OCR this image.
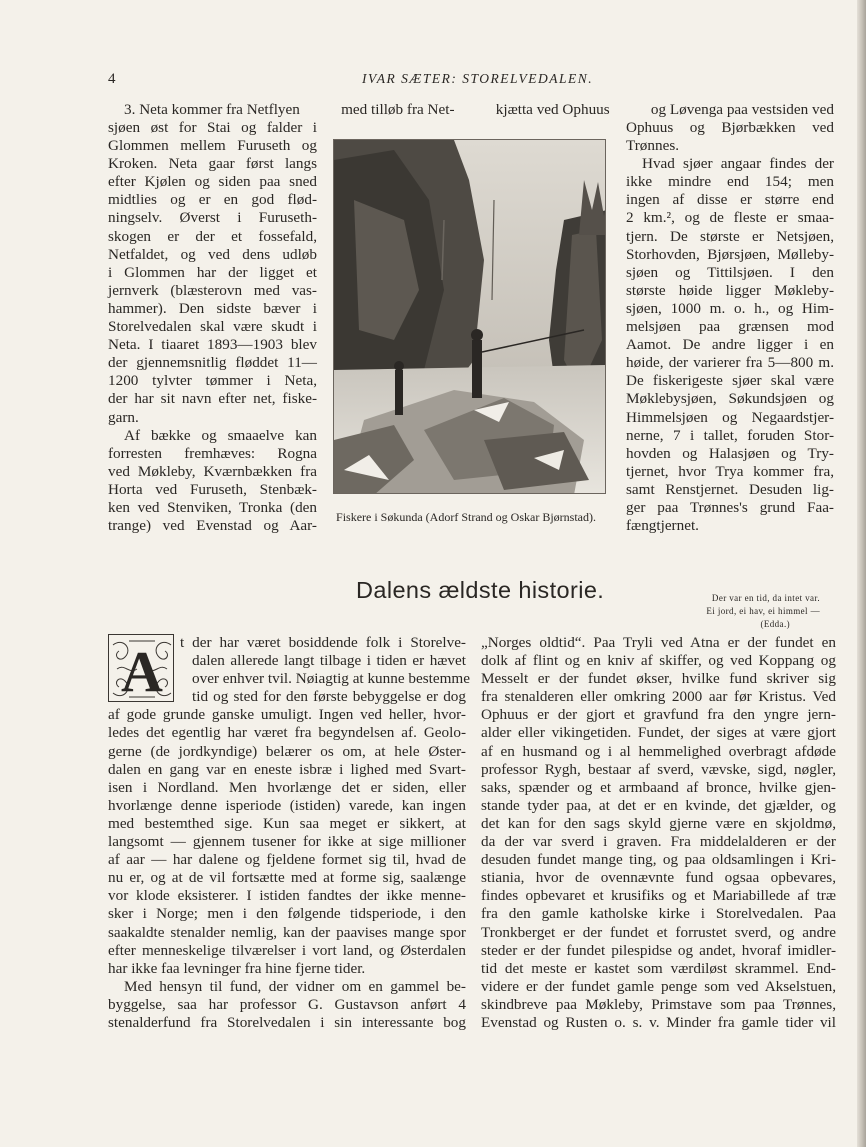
4	IVAR SÆTER: STORELVEDALEN.
3. Neta kommer fra Netflyen	med tilløb fra Net-	kjætta ved Ophuus	og Løvenga paa vestsiden ved
sjøen øst for Stai og falder i
Glommen mellem Furuseth og
Kroken. Neta gaar først langs
efter Kjølen og siden paa sned
midtlies og er en god flød-
ningselv. Øverst i Furuseth-
skogen er der et fossefald,
Netfaldet, og ved dens udløb
i Glommen har der ligget et
jernverk (blæsterovn med vas-
hammer). Den sidste bæver i
Storelvedalen skal være skudt i
Neta. I tiaaret 1893—1903 blev
der gjennemsnitlig fløddet 11—
1200 tylvter tømmer i Neta,
der har sit navn efter net, fiske-
garn.
Af bække og smaaelve kan
forresten fremhæves: Rogna
ved Møkleby, Kværnbækken fra
Horta ved Furuseth, Stenbæk-
ken ved Stenviken, Tronka (den
trange) ved Evenstad og Aar-
Fiskere i Søkunda (Adorf Strand og Oskar Bjørnstad).
Ophuus og Bjørbækken ved
Trønnes.
Hvad sjøer angaar findes der
ikke mindre end 154; men
ingen af disse er større end
2 km.², og de fleste er smaa-
tjern. De største er Netsjøen,
Storhovden, Bjørsjøen, Mølleby-
sjøen og Tittilsjøen. I den
største høide ligger Møkleby-
sjøen, 1000 m. o. h., og Him-
melsjøen paa grænsen mod
Aamot. De andre ligger i en
høide, der varierer fra 5—800 m.
De fiskerigeste sjøer skal være
Møklebysjøen, Søkundsjøen og
Himmelsjøen og Negaardstjer-
nerne, 7 i tallet, foruden Stor-
hovden og Halasjøen og Try-
tjernet, hvor Trya kommer fra,
samt Renstjernet. Desuden lig-
ger paa Trønnes's grund Faa-
fængtjernet.
Dalens ældste historie.	Der var en tid, da intet var.
Ei jord, ei hav, ei himmel —
(Edda.)
A	t der har været bosiddende folk i Storelve-
dalen allerede langt tilbage i tiden er hævet
over enhver tvil. Nøiagtig at kunne bestemme
tid og sted for den første bebyggelse er dog
af gode grunde ganske umuligt. Ingen ved heller, hvor-
ledes det egentlig har været fra begyndelsen af. Geolo-
gerne (de jordkyndige) belærer os om, at hele Øster-
dalen en gang var en eneste isbræ i lighed med Svart-
isen i Nordland. Men hvorlænge det er siden, eller
hvorlænge denne isperiode (istiden) varede, kan ingen
med bestemthed sige. Kun saa meget er sikkert, at
langsomt — gjennem tusener for ikke at sige millioner
af aar — har dalene og fjeldene formet sig til, hvad de
nu er, og at de vil fortsætte med at forme sig, saalænge
vor klode eksisterer. I istiden fandtes der ikke menne-
sker i Norge; men i den følgende tidsperiode, i den
saakaldte stenalder nemlig, kan der paavises mange spor
efter menneskelige tilværelser i vort land, og Østerdalen
har ikke faa levninger fra hine fjerne tider.
Med hensyn til fund, der vidner om en gammel be-
byggelse, saa har professor G. Gustavson anført 4
stenalderfund fra Storelvedalen i sin interessante bog
„Norges oldtid“. Paa Tryli ved Atna er der fundet en
dolk af flint og en kniv af skiffer, og ved Koppang og
Messelt er der fundet økser, hvilke fund skriver sig
fra stenalderen eller omkring 2000 aar før Kristus. Ved
Ophuus er der gjort et gravfund fra den yngre jern-
alder eller vikingetiden. Fundet, der siges at være gjort
af en husmand og i al hemmelighed overbragt afdøde
professor Rygh, bestaar af sverd, vævske, sigd, nøgler,
saks, spænder og et armbaand af bronce, hvilke gjen-
stande tyder paa, at det er en kvinde, det gjælder, og
det kan for den sags skyld gjerne være en skjoldmø,
da der var sverd i graven. Fra middelalderen er der
desuden fundet mange ting, og paa oldsamlingen i Kri-
stiania, hvor de ovennævnte fund ogsaa opbevares,
findes opbevaret et krusifiks og et Mariabillede af træ
fra den gamle katholske kirke i Storelvedalen. Paa
Tronkberget er der fundet et forrustet sverd, og andre
steder er der fundet pilespidse og andet, hvoraf imidler-
tid det meste er kastet som værdiløst skrammel. End-
videre er der fundet gamle penge som ved Akselstuen,
skindbreve paa Møkleby, Primstave som paa Trønnes,
Evenstad og Rusten o. s. v. Minder fra gamle tider vil
